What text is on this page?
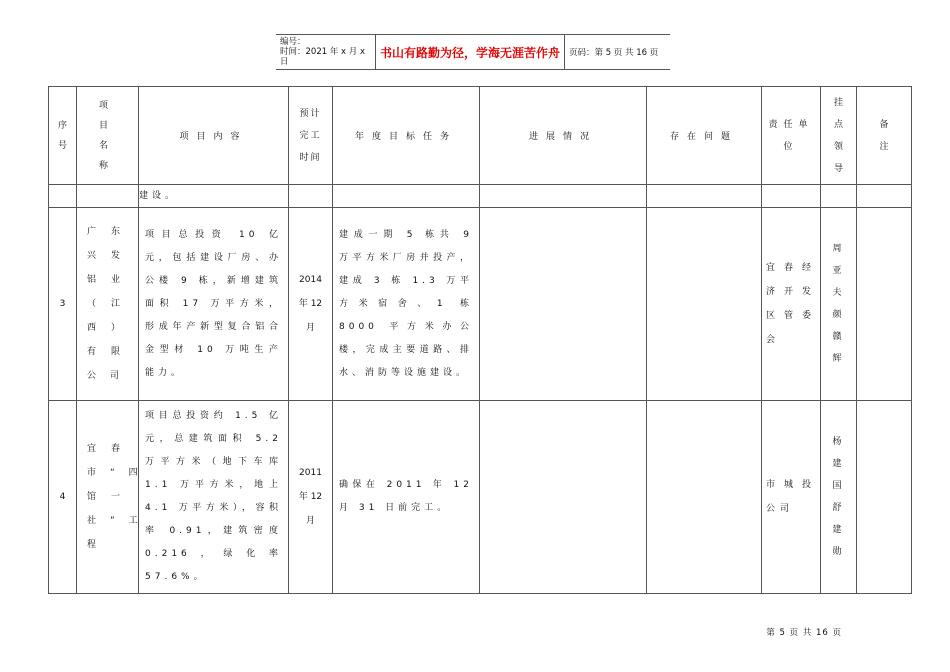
编号：
时间：2021 年 x 月 x 日
书山有路勤为径，学海无涯苦作舟	页码：第 5 页 共 16 页
序号	项目名称	项目内容	预计完工时间	年度目标任务	进展情况	存在问题	责任单位	挂点领导	备注

		建设。							
3	广东兴发铝业（江西）有限公司	项目总投资 10 亿元，包括建设厂房、办公楼 9 栋，新增建筑面积 17 万平方米，形成年产新型复合铝合金型材 10 万吨生产能力。	2014 年 12 月	建成一期 5 栋共 9 万平方米厂房并投产，建成 3 栋 1.3 万平方米宿舍、1 栋 8000 平方米办公楼，完成主要道路、排水、消防等设施建设。			宜春经济开发区管委会	周亚夫颜赣辉	

4	宜春市“四馆一社”工程	项目总投资约 1.5 亿元，总建筑面积 5.2 万平方米（地下车库 1.1 万平方米，地上 4.1 万平方米），容积率 0.91，建筑密度 0.216，绿化率 57.6%。	2011 年 12 月	确保在 2011 年 12 月 31 日前完工。			市城投公司	杨建国舒建勋	

第 5 页 共 16 页
